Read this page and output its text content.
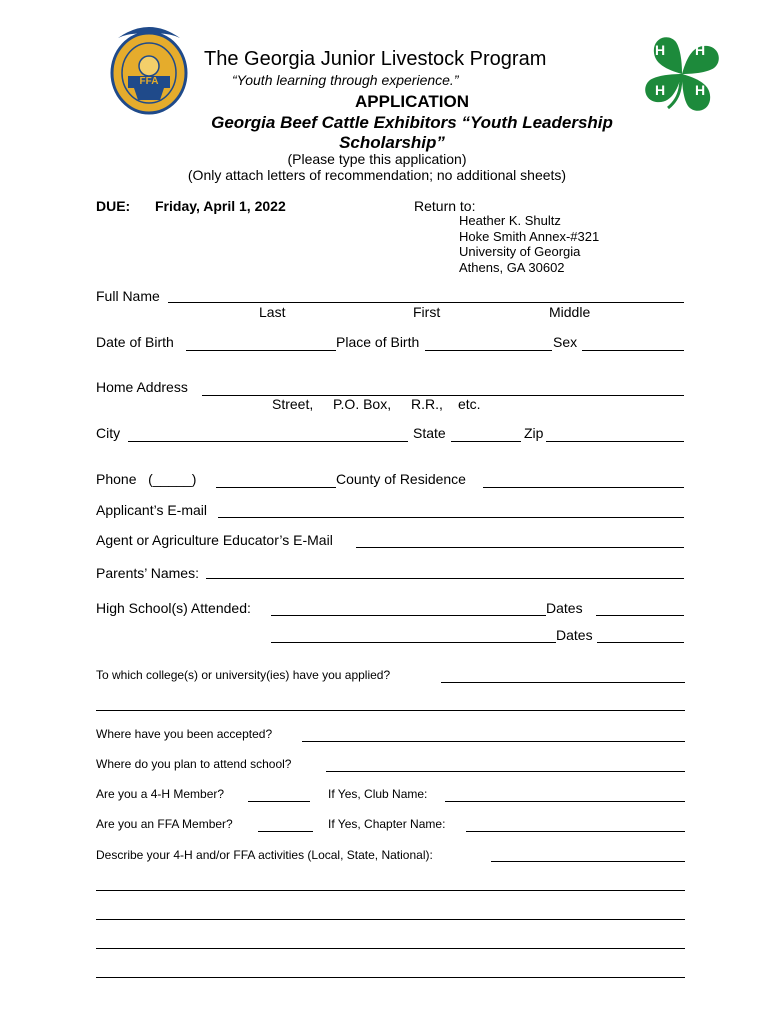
FFA
H H
H
H
The Georgia Junior Livestock Program
“Youth learning through experience.”
APPLICATION
Georgia Beef Cattle Exhibitors “Youth Leadership
Scholarship”
(Please type this application)
(Only attach letters of recommendation; no additional sheets)
DUE: Friday, April 1, 2022	Return to:
Heather K. Shultz
Hoke Smith Annex-#321
University of Georgia
Athens, GA 30602
Full Name
Last	First	Middle
Date of Birth	Place of Birth	Sex
Home Address
Street, P.O. Box, R.R., etc.
City	State	Zip
Phone   (_____)	County of Residence
Applicant’s E-mail
Agent or Agriculture Educator’s E-Mail
Parents’ Names:
High School(s) Attended:	Dates
Dates
To which college(s) or university(ies) have you applied?
Where have you been accepted?
Where do you plan to attend school?
Are you a 4-H Member?	If Yes, Club Name:
Are you an FFA Member?	If Yes, Chapter Name:
Describe your 4-H and/or FFA activities (Local, State, National):
